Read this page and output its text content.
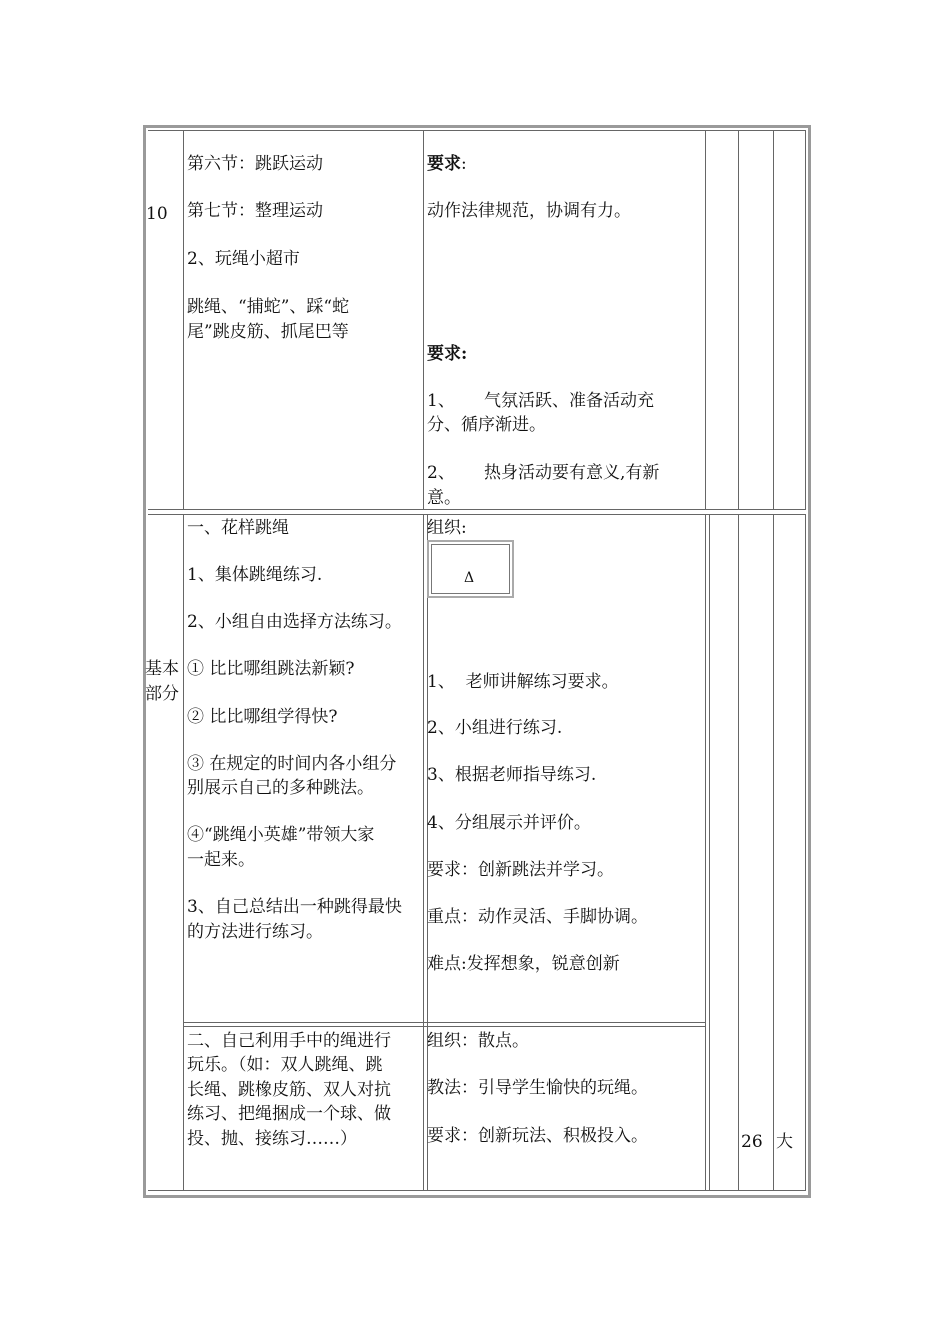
10
第六节：跳跃运动
第七节：整理运动
2、玩绳小超市
跳绳、“捕蛇”、踩“蛇
尾”跳皮筋、抓尾巴等
要求:
动作法律规范，协调有力。
要求:
1、 气氛活跃、准备活动充
分、循序渐进。
2、 热身活动要有意义,有新
意。
基本
部分
一、花样跳绳
1、集体跳绳练习.
2、小组自由选择方法练习。
① 比比哪组跳法新颖?
② 比比哪组学得快?
③ 在规定的时间内各小组分
别展示自己的多种跳法。
④“跳绳小英雄”带领大家
一起来。
3、自己总结出一种跳得最快
的方法进行练习。
组织:
Δ
1、  老师讲解练习要求。
2、小组进行练习.
3、根据老师指导练习.
4、分组展示并评价。
要求：创新跳法并学习。
重点：动作灵活、手脚协调。
难点:发挥想象，锐意创新
二、自己利用手中的绳进行
玩乐。（如：双人跳绳、跳
长绳、跳橡皮筋、双人对抗
练习、把绳捆成一个球、做
投、抛、接练习……）
组织：散点。
教法：引导学生愉快的玩绳。
要求：创新玩法、积极投入。	26 大
